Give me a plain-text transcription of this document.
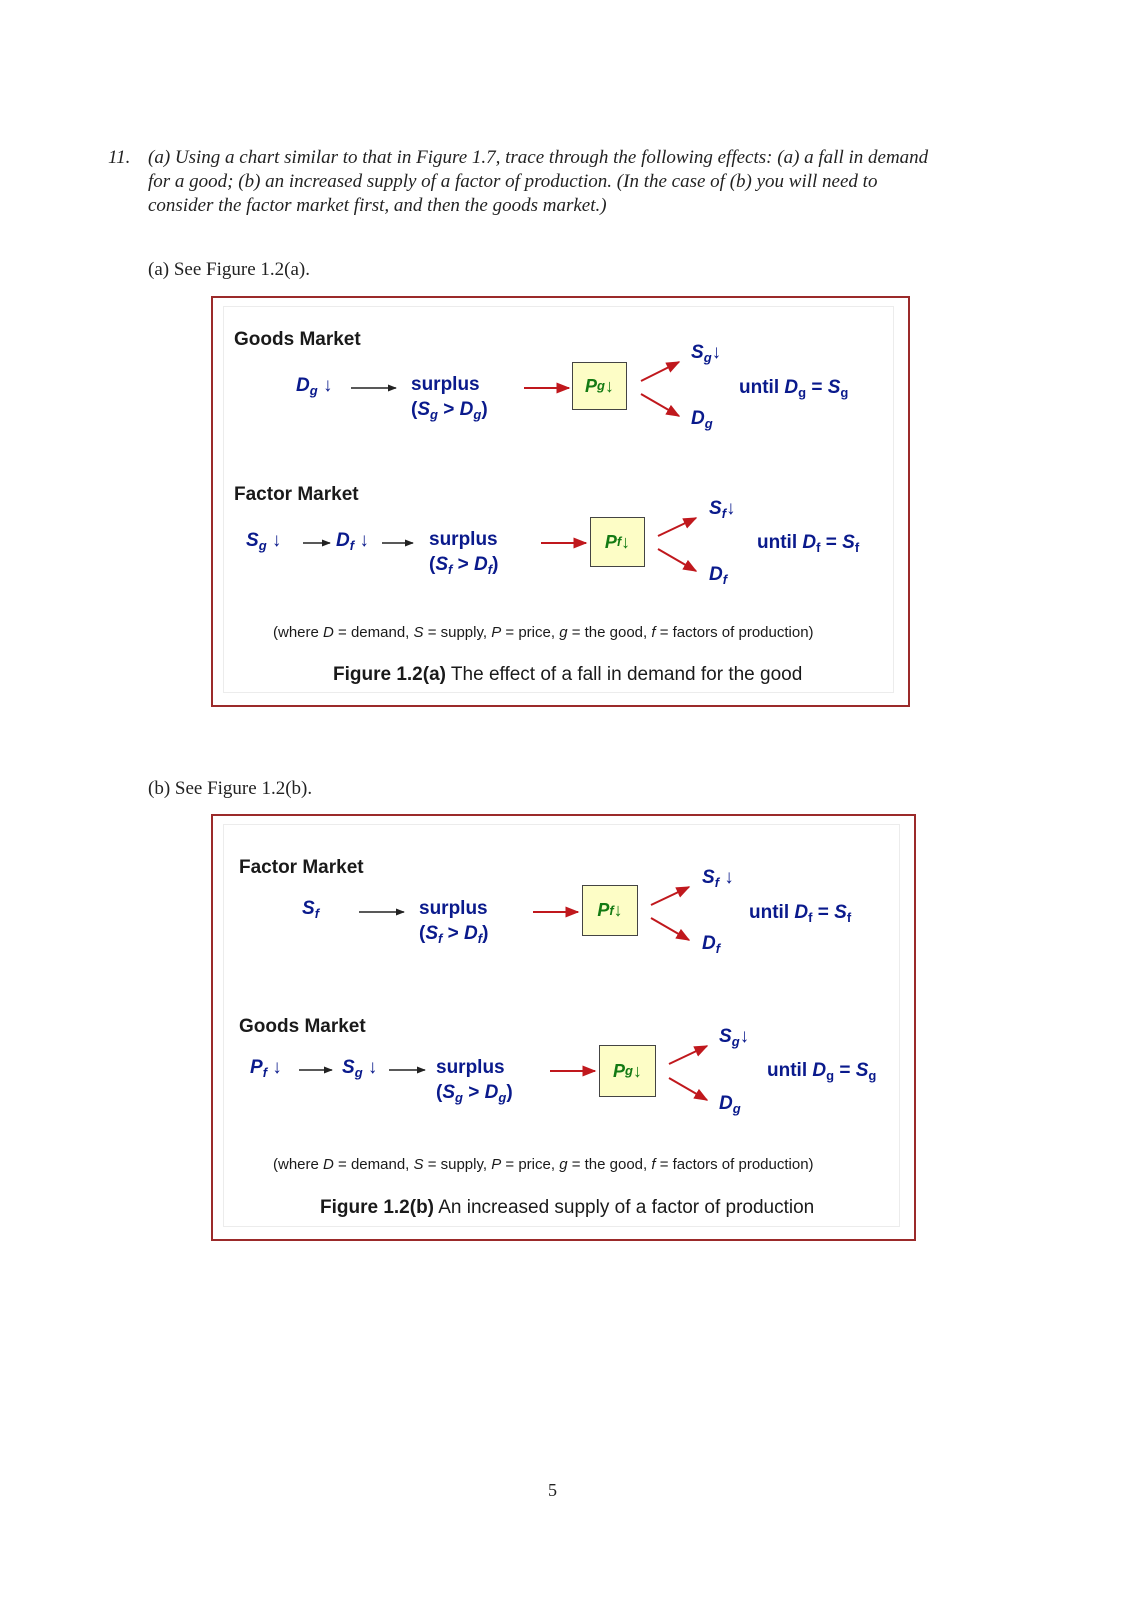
11. (a) Using a chart similar to that in Figure 1.7, trace through the following effects: (a) a fall in demand
for a good; (b) an increased supply of a factor of production. (In the case of (b) you will need to
consider the factor market first, and then the goods market.)
(a) See Figure 1.2(a).
Goods Market
$D_g$ ↓	surplus
$(S_g > D_g)$
P g ↓
$S_g↓$
$D_g$
until $D_g = S_g$
Factor Market
$S_g$ ↓	$D_f$ ↓	surplus
$(S_f > D_f)$
P f ↓
$S_f↓$
$D_f$
until $D_f = S_f$
(where D = demand, S = supply, P = price, g = the good, f = factors of production)
Figure 1.2(a) The effect of a fall in demand for the good
(b) See Figure 1.2(b).
Factor Market
$S_f$	surplus
$(S_f > D_f)$
P f ↓
$S_f$ ↓
$D_f$
until $D_f = S_f$
Goods Market
$P_f$ ↓	$S_g$ ↓	surplus
$(S_g > D_g)$
P g ↓
$S_g↓$
$D_g$
until $D_g = S_g$
(where D = demand, S = supply, P = price, g = the good, f = factors of production)
Figure 1.2(b) An increased supply of a factor of production
5
